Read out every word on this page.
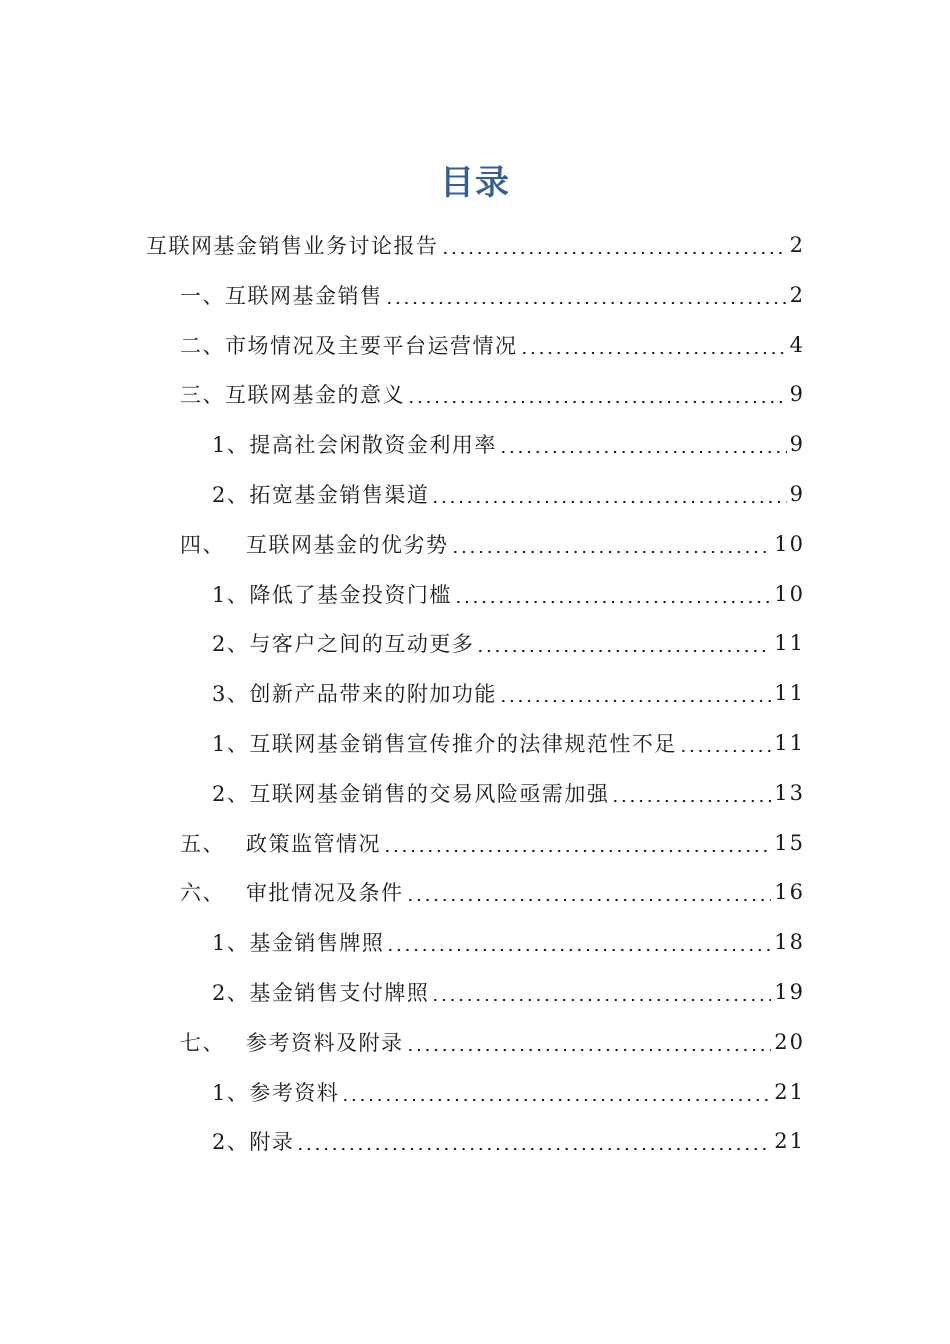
目录
互联网基金销售业务讨论报告	2
一、 互联网基金销售	2
二、 市场情况及主要平台运营情况	4
三、 互联网基金的意义	9
1、 提高社会闲散资金利用率	9
2、 拓宽基金销售渠道	9
四、	互联网基金的优劣势	10
1、 降低了基金投资门槛	10
2、 与客户之间的互动更多	11
3、 创新产品带来的附加功能	11
1、 互联网基金销售宣传推介的法律规范性不足	11
2、 互联网基金销售的交易风险亟需加强	13
五、	政策监管情况	15
六、	审批情况及条件	16
1、 基金销售牌照	18
2、 基金销售支付牌照	19
七、	参考资料及附录	20
1、 参考资料	21
2、 附录	21
